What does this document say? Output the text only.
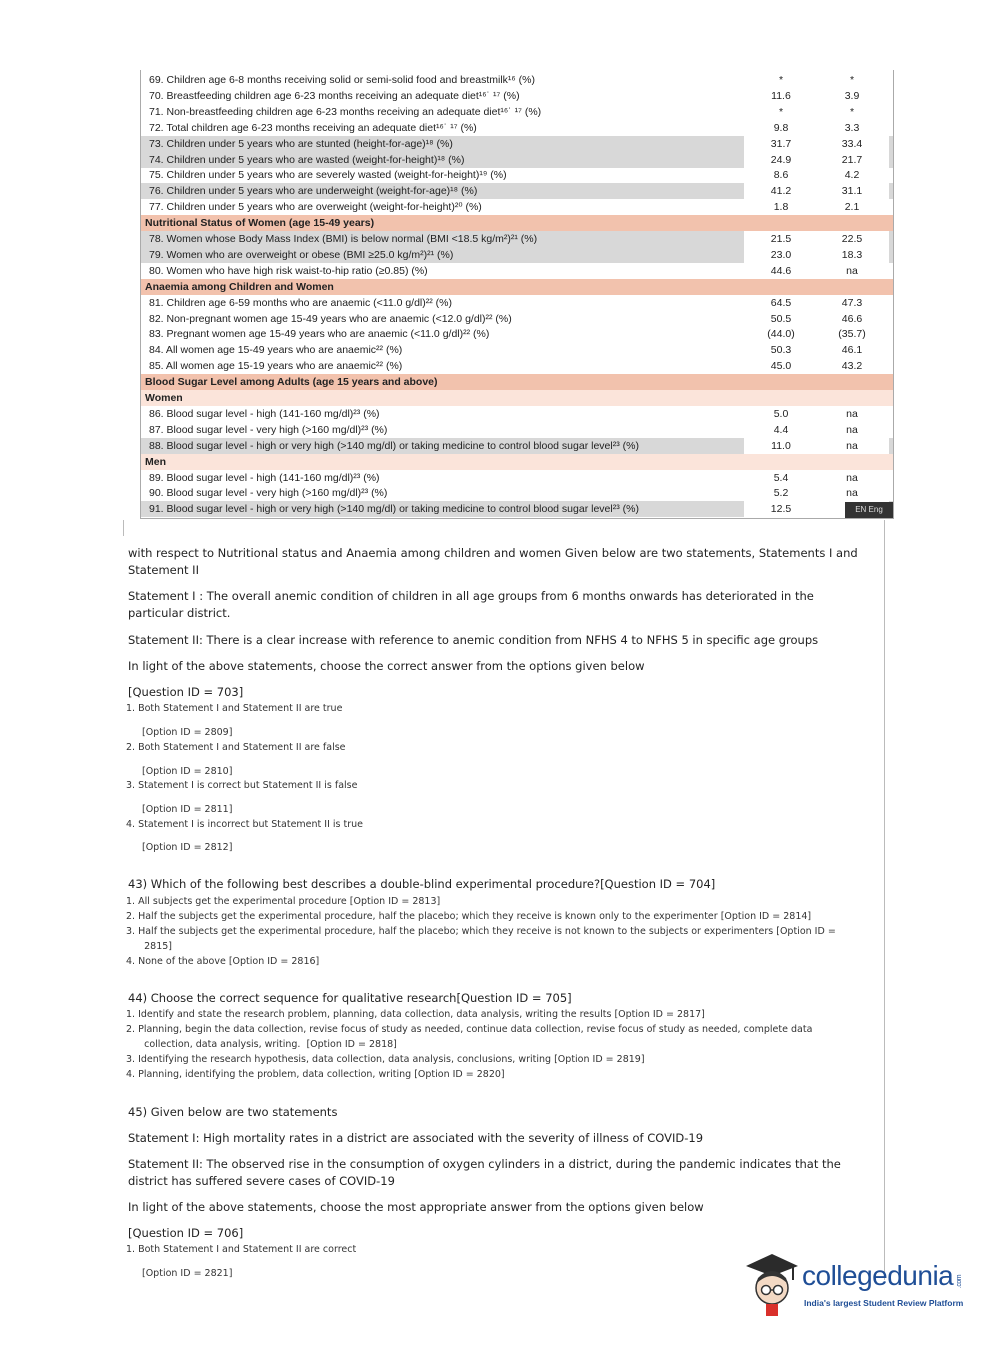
69. Children age 6-8 months receiving solid or semi-solid food and breastmilk¹⁶ (%)	*	*
70. Breastfeeding children age 6-23 months receiving an adequate diet¹⁶˙ ¹⁷ (%)	11.6	3.9
71. Non-breastfeeding children age 6-23 months receiving an adequate diet¹⁶˙ ¹⁷ (%)	*	*
72. Total children age 6-23 months receiving an adequate diet¹⁶˙ ¹⁷ (%)	9.8	3.3
73. Children under 5 years who are stunted (height-for-age)¹⁸ (%)	31.7	33.4
74. Children under 5 years who are wasted (weight-for-height)¹⁸ (%)	24.9	21.7
75. Children under 5 years who are severely wasted (weight-for-height)¹⁹ (%)	8.6	4.2
76. Children under 5 years who are underweight (weight-for-age)¹⁸ (%)	41.2	31.1
77. Children under 5 years who are overweight (weight-for-height)²⁰ (%)	1.8	2.1
Nutritional Status of Women (age 15-49 years)
78. Women whose Body Mass Index (BMI) is below normal (BMI <18.5 kg/m²)²¹ (%)	21.5	22.5
79. Women who are overweight or obese (BMI ≥25.0 kg/m²)²¹ (%)	23.0	18.3
80. Women who have high risk waist-to-hip ratio (≥0.85) (%)	44.6	na
Anaemia among Children and Women
81. Children age 6-59 months who are anaemic (<11.0 g/dl)²² (%)	64.5	47.3
82. Non-pregnant women age 15-49 years who are anaemic (<12.0 g/dl)²² (%)	50.5	46.6
83. Pregnant women age 15-49 years who are anaemic (<11.0 g/dl)²² (%)	(44.0)	(35.7)
84. All women age 15-49 years who are anaemic²² (%)	50.3	46.1
85. All women age 15-19 years who are anaemic²² (%)	45.0	43.2
Blood Sugar Level among Adults (age 15 years and above)
Women
86. Blood sugar level - high (141-160 mg/dl)²³ (%)	5.0	na
87. Blood sugar level - very high (>160 mg/dl)²³ (%)	4.4	na
88. Blood sugar level - high or very high (>140 mg/dl) or taking medicine to control blood sugar level²³ (%)	11.0	na
Men
89. Blood sugar level - high (141-160 mg/dl)²³ (%)	5.4	na
90. Blood sugar level - very high (>160 mg/dl)²³ (%)	5.2	na
91. Blood sugar level - high or very high (>140 mg/dl) or taking medicine to control blood sugar level²³ (%)	12.5	EN Eng
with respect to Nutritional status and Anaemia among children and women Given below are two statements, Statements I and Statement II
Statement I : The overall anemic condition of children in all age groups from 6 months onwards has deteriorated in the particular district.
Statement II: There is a clear increase with reference to anemic condition from NFHS 4 to NFHS 5 in specific age groups
In light of the above statements, choose the correct answer from the options given below
[Question ID = 703]
1. Both Statement I and Statement II are true
[Option ID = 2809]
2. Both Statement I and Statement II are false
[Option ID = 2810]
3. Statement I is correct but Statement II is false
[Option ID = 2811]
4. Statement I is incorrect but Statement II is true
[Option ID = 2812]
43) Which of the following best describes a double-blind experimental procedure?[Question ID = 704]
1. All subjects get the experimental procedure [Option ID = 2813]
2. Half the subjects get the experimental procedure, half the placebo; which they receive is known only to the experimenter [Option ID = 2814]
3. Half the subjects get the experimental procedure, half the placebo; which they receive is not known to the subjects or experimenters [Option ID =
2815]
4. None of the above [Option ID = 2816]
44) Choose the correct sequence for qualitative research[Question ID = 705]
1. Identify and state the research problem, planning, data collection, data analysis, writing the results [Option ID = 2817]
2. Planning, begin the data collection, revise focus of study as needed, continue data collection, revise focus of study as needed, complete data
collection, data analysis, writing.  [Option ID = 2818]
3. Identifying the research hypothesis, data collection, data analysis, conclusions, writing [Option ID = 2819]
4. Planning, identifying the problem, data collection, writing [Option ID = 2820]
45) Given below are two statements
Statement I: High mortality rates in a district are associated with the severity of illness of COVID-19
Statement II: The observed rise in the consumption of oxygen cylinders in a district, during the pandemic indicates that the district has suffered severe cases of COVID-19
In light of the above statements, choose the most appropriate answer from the options given below
[Question ID = 706]
1. Both Statement I and Statement II are correct
[Option ID = 2821]	collegedunia .com
India's largest Student Review Platform
